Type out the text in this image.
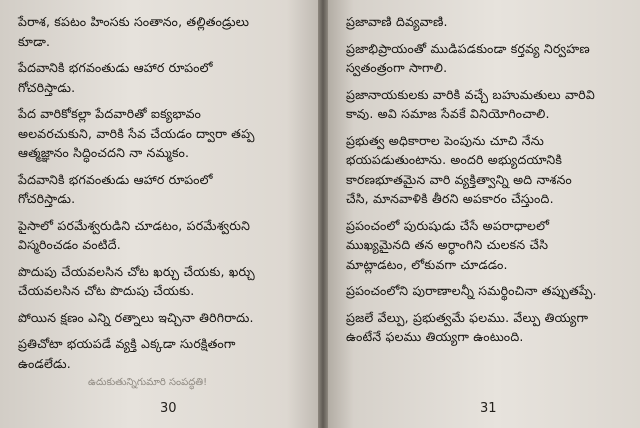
పేరాశ, కపటం హింసకు సంతానం, తల్లితండ్రులు
కూడా.

పేదవానికి భగవంతుడు ఆహార రూపంలో
గోచరిస్తాడు.

పేద వారికోకల్లా పేదవారితో ఐక్యభావం
అలవరచుకుని, వారికి సేవ చేయడం ద్వారా తప్ప
ఆత్మజ్ఞానం సిద్ధించదని నా నమ్మకం.

పేదవానికి భగవంతుడు ఆహార రూపంలో
గోచరిస్తాడు.

పైసాలో పరమేశ్వరుడిని చూడటం, పరమేశ్వరుని
విస్మరించడం వంటిదే.

పొదుపు చేయవలసిన చోట ఖర్చు చేయకు, ఖర్చు
చేయవలసిన చోట పొదుపు చేయకు.

పోయిన క్షణం ఎన్ని రత్నాలు ఇచ్చినా తిరిగిరాదు.

ప్రతిచోటా భయపడే వ్యక్తి ఎక్కడా సురక్షితంగా
ఉండలేడు.

ఉదుకుతున్నిగుమారి సంపద్ధతి!
30

ప్రజావాణి దివ్యవాణి.

ప్రజాభిప్రాయంతో ముడిపడకుండా కర్తవ్య నిర్వహణ
స్వతంత్రంగా సాగాలి.

ప్రజానాయకులకు వారికి వచ్చే బహుమతులు వారివి
కావు. అవి సమాజ సేవకే వినియోగించాలి.

ప్రభుత్వ అధికారాల పెంపును చూచి నేను
భయపడుతుంటాను. అందరి అభ్యుదయానికి
కారణభూతమైన వారి వ్యక్తిత్వాన్ని అది నాశనం
చేసి, మానవాళికి తీరని అపకారం చేస్తుంది.

ప్రపంచంలో పురుషుడు చేసే అపరాధాలలో
ముఖ్యమైనది తన అర్ధాంగిని చులకన చేసి
మాట్లాడటం, లోకువగా చూడడం.

ప్రపంచంలోని పురాణాలన్నీ సమర్థించినా తప్పుతప్పే.

ప్రజలే వేల్పు, ప్రభుత్వమే ఫలము. వేల్పు తియ్యగా
ఉంటేనే ఫలము తియ్యగా ఉంటుంది.

31
